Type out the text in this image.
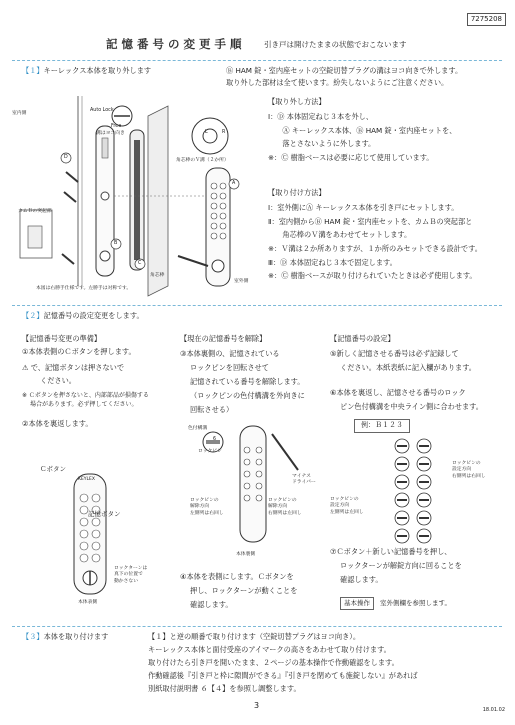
7275208
記憶番号の変更手順 引き戸は開けたままの状態でおこないます
【１】キーレックス本体を取り外します	Ⓑ HAM 錠・室内座セットの空錠切替プラグの溝はヨコ向きで外します。
取り外した部材は全て使います。紛失しないようにご注意ください。
【取り外し方法】
Ⅰ：Ⓓ 本体固定ねじ３本を外し、
　　Ⓐ キーレックス本体、Ⓑ HAM 錠・室内座セットを、
　　落とさないように外します。
※：Ⓒ 樹脂ベースは必要に応じて使用しています。
【取り付け方法】
Ⅰ：室外側にⒶ キーレックス本体を引き戸にセットします。
Ⅱ：室内側からⒷ HAM 錠・室内座セットを、カムＢの突起部と
　　角芯棒のＶ溝をあわせてセットします。
※：Ｖ溝は２か所ありますが、１か所のみセットできる設計です。
Ⅲ：Ⓓ 本体固定ねじ３本で固定します。
※：Ⓒ 樹脂ベースが取り付けられていたときは必ず使用します。
Auto Lock
Free
溝はヨコ向き
室内側
室外側
カムＢの突起部
角芯棒のＶ溝（２か所）
角芯棒
L	R
D
B
C
A
本図は右勝手仕様です。左勝手は対称です。
【２】記憶番号の設定変更をします。
【記憶番号変更の準備】
①本体表側のＣボタンを押します。
⚠ で、記憶ボタンは押さないで
ください。
※ Ｃボタンを押さないと、内部部品が損傷する
場合があります。必ず押してください。
②本体を裏返します。
KEYLEX
Ｃボタン
記憶ボタン
ロックターンは
真下の位置で
動かさない
本体表側
【現在の記憶番号を解除】
③本体裏側の、記憶されている
ロックピンを回転させて
記憶されている番号を解除します。
（ロックピンの色付構溝を外向きに
回転させる）
色付構溝
6
ロックピン
マイナス
ドライバー
ロックピンの
解除方向
左側列は右回し
ロックピンの
解除方向
右側列は左回し
本体裏側
④本体を表側にします。Ｃボタンを
押し、ロックターンが動くことを
確認します。
【記憶番号の設定】
⑤新しく記憶させる番号は必ず記録して
ください。本紙表紙に記入欄があります。
⑥本体を裏返し、記憶させる番号のロック
ピン色付構溝を中央ライン側に合わせます。
例：Ｂ１２３
ロックピンの
設定方向
右側列は右回し
ロックピンの
設定方向
左側列は左回し
⑦Ｃボタン＋新しい記憶番号を押し、
ロックターンが解錠方向に回ることを
確認します。
基本操作	室外側欄を参照します。
【３】本体を取り付けます	【１】と逆の順番で取り付けます（空錠切替プラグはヨコ向き）。
キーレックス本体と面付受座のアイマークの高さをあわせて取り付けます。
取り付けたら引き戸を開いたまま、２ページの基本操作で作動確認をします。
作動確認後『引き戸と枠に隙間ができる』『引き戸を閉めても施錠しない』があれば
別紙取付説明書 ６【４】を参照し調整します。
3	18.01.02
